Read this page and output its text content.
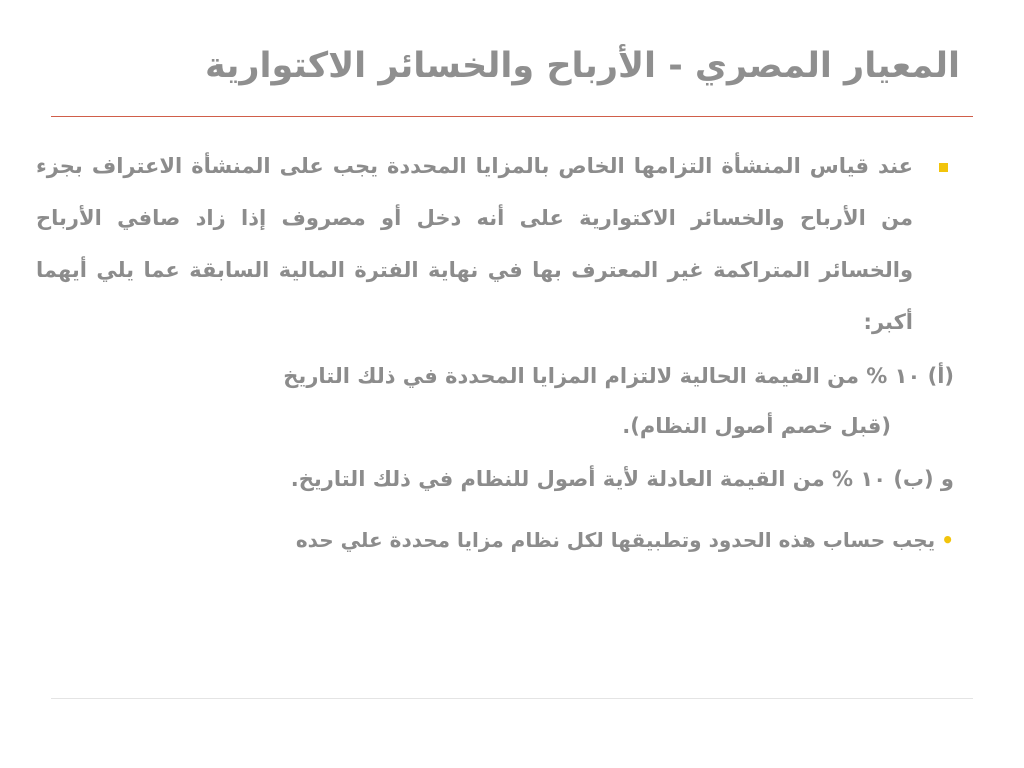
المعيار المصري - الأرباح والخسائر الاكتوارية
عند قياس المنشأة التزامها الخاص بالمزايا المحددة يجب على المنشأة الاعتراف بجزء من الأرباح والخسائر الاكتوارية على أنه دخل أو مصروف إذا زاد صافي الأرباح والخسائر المتراكمة غير المعترف بها في نهاية الفترة المالية السابقة عما يلي أيهما أكبر:
(أ) ١٠ % من القيمة الحالية لالتزام المزايا المحددة في ذلك التاريخ
(قبل خصم أصول النظام).
و (ب) ١٠ % من القيمة العادلة لأية أصول للنظام في ذلك التاريخ.
•يجب حساب هذه الحدود وتطبيقها لكل نظام مزايا محددة علي حده
